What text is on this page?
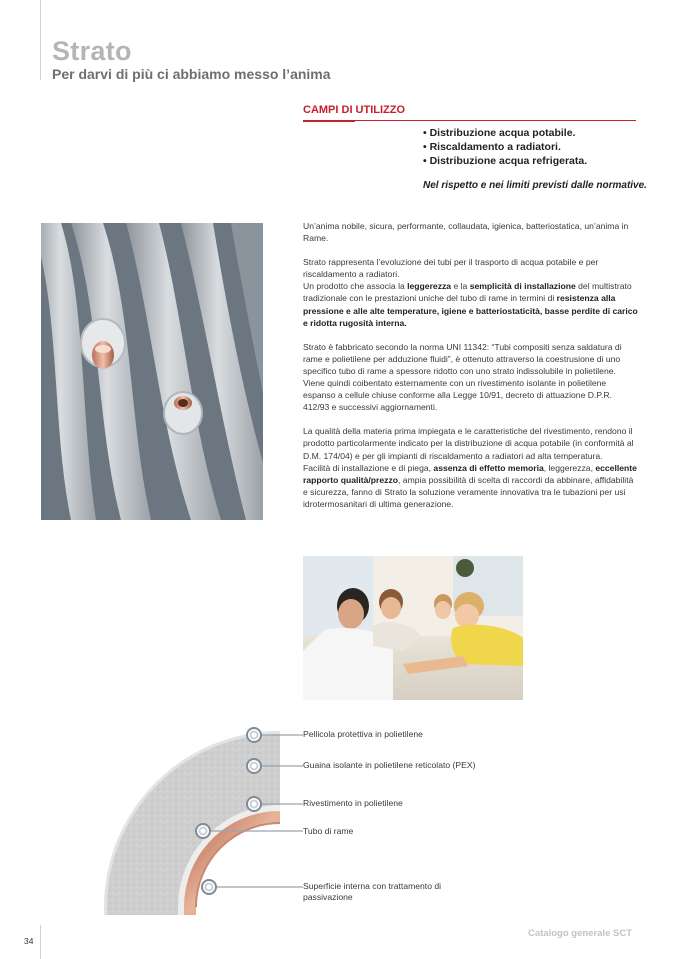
Strato
Per darvi di più ci abbiamo messo l’anima
CAMPI DI UTILIZZO
• Distribuzione acqua potabile.
• Riscaldamento a radiatori.
• Distribuzione acqua refrigerata.
Nel rispetto e nei limiti previsti dalle normative.

Un’anima nobile, sicura, performante, collaudata, igienica, batteriostatica, un’anima in Rame.

Strato rappresenta l’evoluzione dei tubi per il trasporto di acqua potabile e per riscaldamento a radiatori.

Un prodotto che associa la leggerezza e la semplicità di installazione del multistrato tradizionale con le prestazioni uniche del tubo di rame in termini di resistenza alla pressione e alle alte temperature, igiene e batteriostaticità, basse perdite di carico e ridotta rugosità interna.

Strato è fabbricato secondo la norma UNI 11342: “Tubi compositi senza saldatura di rame e polietilene per adduzione fluidi”, è ottenuto attraverso la coestrusione di uno specifico tubo di rame a spessore ridotto con uno strato indissolubile in polietilene. Viene quindi coibentato esternamente con un rivestimento isolante in polietilene espanso a cellule chiuse conforme alla Legge 10/91, decreto di attuazione D.P.R. 412/93 e successivi aggiornamenti.

La qualità della materia prima impiegata e le caratteristiche del rivestimento, rendono il prodotto particolarmente indicato per la distribuzione di acqua potabile (in conformità al D.M. 174/04) e per gli impianti di riscaldamento a radiatori ad alta temperatura.

Facilità di installazione e di piega, assenza di effetto memoria, leggerezza, eccellente rapporto qualità/prezzo, ampia possibilità di scelta di raccordi da abbinare, affidabilità e sicurezza, fanno di Strato la soluzione veramente innovativa tra le tubazioni per usi idrotermosanitari di ultima generazione.

Pellicola protettiva in polietilene
Guaina isolante in polietilene reticolato (PEX)
Rivestimento in polietilene
Tubo di rame
Superficie interna con trattamento di passivazione
Catalogo generale SCT
34
